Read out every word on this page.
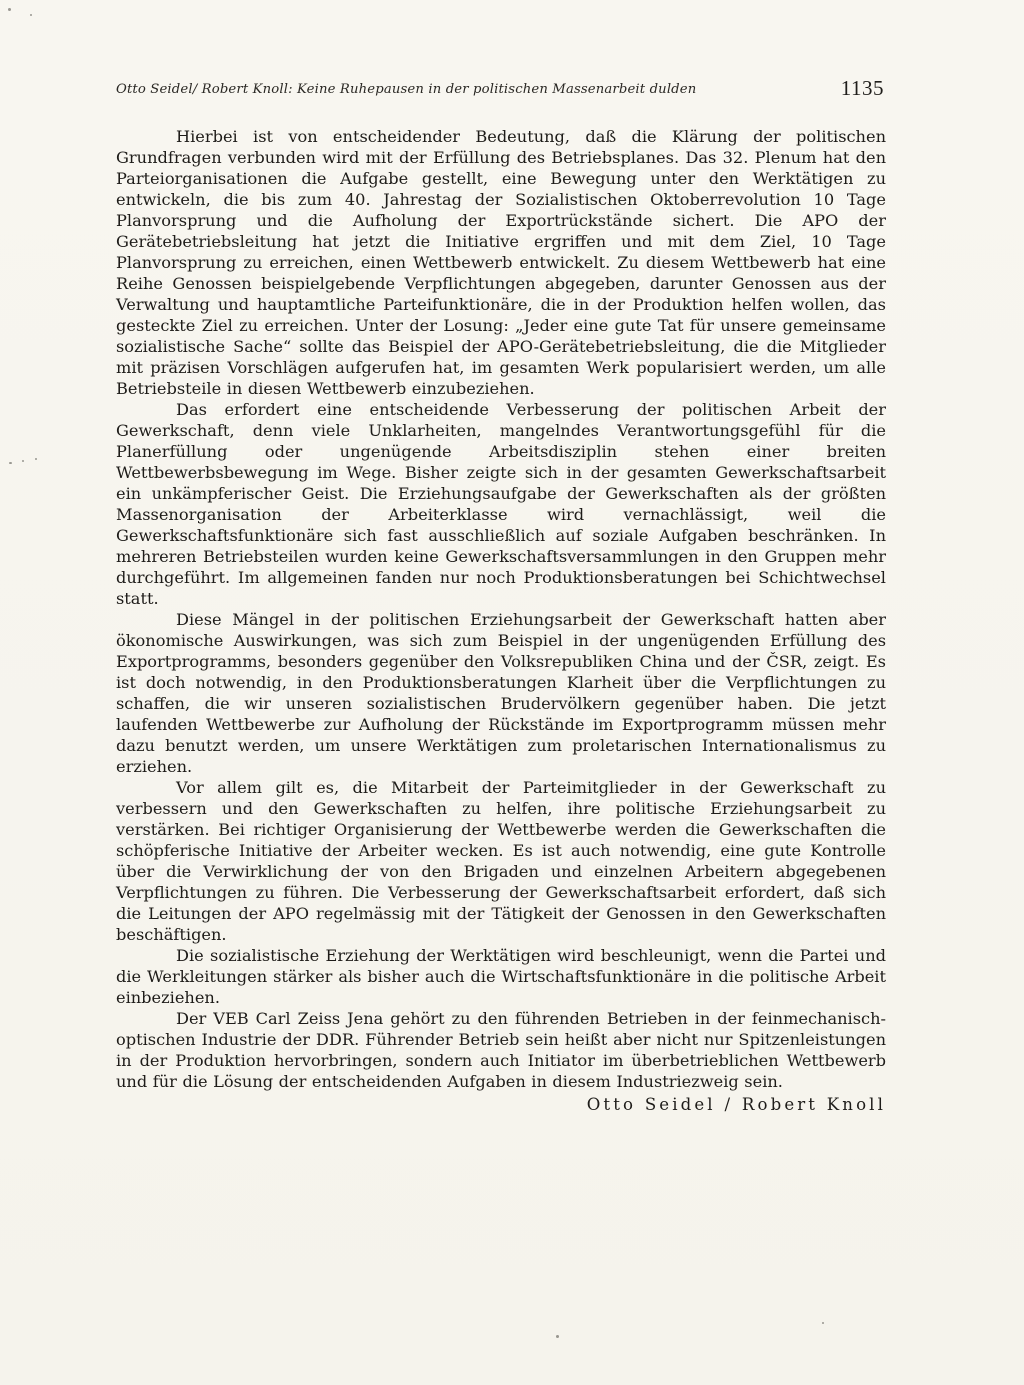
Otto Seidel/ Robert Knoll: Keine Ruhepausen in der politischen Massenarbeit dulden	1135

Hierbei ist von entscheidender Bedeutung, daß die Klärung der politischen Grundfragen verbunden wird mit der Erfüllung des Betriebsplanes. Das 32. Plenum hat den Parteiorganisationen die Aufgabe gestellt, eine Bewegung unter den Werktätigen zu entwickeln, die bis zum 40. Jahrestag der Sozialistischen Oktoberrevolution 10 Tage Planvorsprung und die Aufholung der Exportrückstände sichert. Die APO der Gerätebetriebsleitung hat jetzt die Initiative ergriffen und mit dem Ziel, 10 Tage Planvorsprung zu erreichen, einen Wettbewerb entwickelt. Zu diesem Wettbewerb hat eine Reihe Genossen beispielgebende Verpflichtungen abgegeben, darunter Genossen aus der Verwaltung und hauptamtliche Parteifunktionäre, die in der Produktion helfen wollen, das gesteckte Ziel zu erreichen. Unter der Losung: „Jeder eine gute Tat für unsere gemeinsame sozialistische Sache“ sollte das Beispiel der APO-Gerätebetriebsleitung, die die Mitglieder mit präzisen Vorschlägen aufgerufen hat, im gesamten Werk popularisiert werden, um alle Betriebsteile in diesen Wettbewerb einzubeziehen.

Das erfordert eine entscheidende Verbesserung der politischen Arbeit der Gewerkschaft, denn viele Unklarheiten, mangelndes Verantwortungsgefühl für die Planerfüllung oder ungenügende Arbeitsdisziplin stehen einer breiten Wettbewerbsbewegung im Wege. Bisher zeigte sich in der gesamten Gewerkschaftsarbeit ein unkämpferischer Geist. Die Erziehungsaufgabe der Gewerkschaften als der größten Massenorganisation der Arbeiterklasse wird vernachlässigt, weil die Gewerkschaftsfunktionäre sich fast ausschließlich auf soziale Aufgaben beschränken. In mehreren Betriebsteilen wurden keine Gewerkschaftsversammlungen in den Gruppen mehr durchgeführt. Im allgemeinen fanden nur noch Produktionsberatungen bei Schichtwechsel statt.

Diese Mängel in der politischen Erziehungsarbeit der Gewerkschaft hatten aber ökonomische Auswirkungen, was sich zum Beispiel in der ungenügenden Erfüllung des Exportprogramms, besonders gegenüber den Volksrepubliken China und der ČSR, zeigt. Es ist doch notwendig, in den Produktionsberatungen Klarheit über die Verpflichtungen zu schaffen, die wir unseren sozialistischen Brudervölkern gegenüber haben. Die jetzt laufenden Wettbewerbe zur Aufholung der Rückstände im Exportprogramm müssen mehr dazu benutzt werden, um unsere Werktätigen zum proletarischen Internationalismus zu erziehen.

Vor allem gilt es, die Mitarbeit der Parteimitglieder in der Gewerkschaft zu verbessern und den Gewerkschaften zu helfen, ihre politische Erziehungsarbeit zu verstärken. Bei richtiger Organisierung der Wettbewerbe werden die Gewerkschaften die schöpferische Initiative der Arbeiter wecken. Es ist auch notwendig, eine gute Kontrolle über die Verwirklichung der von den Brigaden und einzelnen Arbeitern abgegebenen Verpflichtungen zu führen. Die Verbesserung der Gewerkschaftsarbeit erfordert, daß sich die Leitungen der APO regelmässig mit der Tätigkeit der Genossen in den Gewerkschaften beschäftigen.

Die sozialistische Erziehung der Werktätigen wird beschleunigt, wenn die Partei und die Werkleitungen stärker als bisher auch die Wirtschaftsfunktionäre in die politische Arbeit einbeziehen.

Der VEB Carl Zeiss Jena gehört zu den führenden Betrieben in der feinmechanisch-optischen Industrie der DDR. Führender Betrieb sein heißt aber nicht nur Spitzenleistungen in der Produktion hervorbringen, sondern auch Initiator im überbetrieblichen Wettbewerb und für die Lösung der entscheidenden Aufgaben in diesem Industriezweig sein.

Otto Seidel / Robert Knoll
